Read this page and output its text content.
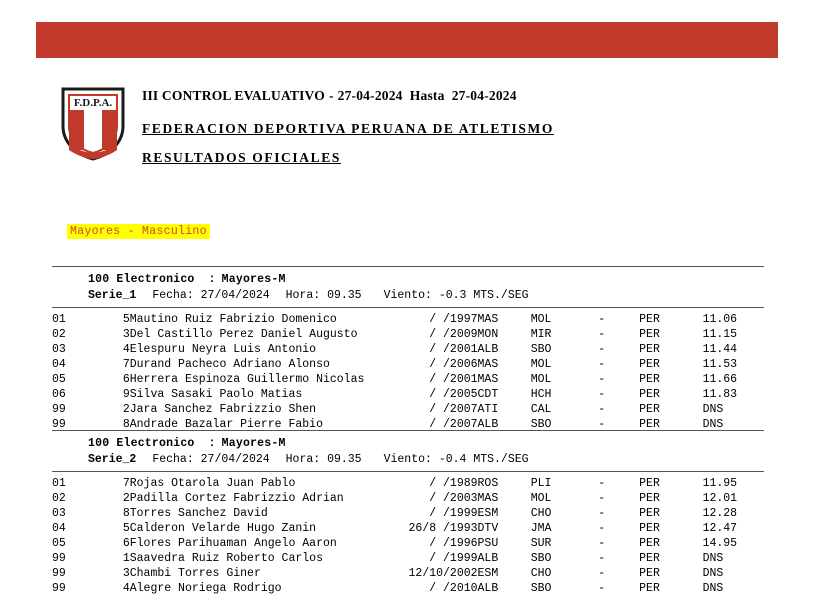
F.D.P.A. III CONTROL EVALUATIVO - 27-04-2024 Hasta 27-04-2024
FEDERACION DEPORTIVA PERUANA DE ATLETISMO
RESULTADOS OFICIALES
Mayores - Masculino
100 Electronico : Mayores-M
Serie_1 Fecha: 27/04/2024 Hora: 09.35 Viento: -0.3 MTS./SEG
01	5	Mautino Ruiz Fabrizio Domenico	/ /1997	MAS	MOL	-	PER	11.06
02	3	Del Castillo Perez Daniel Augusto	/ /2009	MON	MIR	-	PER	11.15
03	4	Elespuru Neyra Luis Antonio	/ /2001	ALB	SBO	-	PER	11.44
04	7	Durand Pacheco Adriano Alonso	/ /2006	MAS	MOL	-	PER	11.53
05	6	Herrera Espinoza Guillermo Nicolas	/ /2001	MAS	MOL	-	PER	11.66
06	9	Silva Sasaki Paolo Matias	/ /2005	CDT	HCH	-	PER	11.83
99	2	Jara Sanchez Fabrizzio Shen	/ /2007	ATI	CAL	-	PER	DNS
99	8	Andrade Bazalar Pierre Fabio	/ /2007	ALB	SBO	-	PER	DNS
100 Electronico : Mayores-M
Serie_2 Fecha: 27/04/2024 Hora: 09.35 Viento: -0.4 MTS./SEG
01	7	Rojas Otarola Juan Pablo	/ /1989	ROS	PLI	-	PER	11.95
02	2	Padilla Cortez Fabrizzio Adrian	/ /2003	MAS	MOL	-	PER	12.01
03	8	Torres Sanchez David	/ /1999	ESM	CHO	-	PER	12.28
04	5	Calderon Velarde Hugo Zanin	26/8 /1993	DTV	JMA	-	PER	12.47
05	6	Flores Parihuaman Angelo Aaron	/ /1996	PSU	SUR	-	PER	14.95
99	1	Saavedra Ruiz Roberto Carlos	/ /1999	ALB	SBO	-	PER	DNS
99	3	Chambi Torres Giner	12/10/2002	ESM	CHO	-	PER	DNS
99	4	Alegre Noriega Rodrigo	/ /2010	ALB	SBO	-	PER	DNS
